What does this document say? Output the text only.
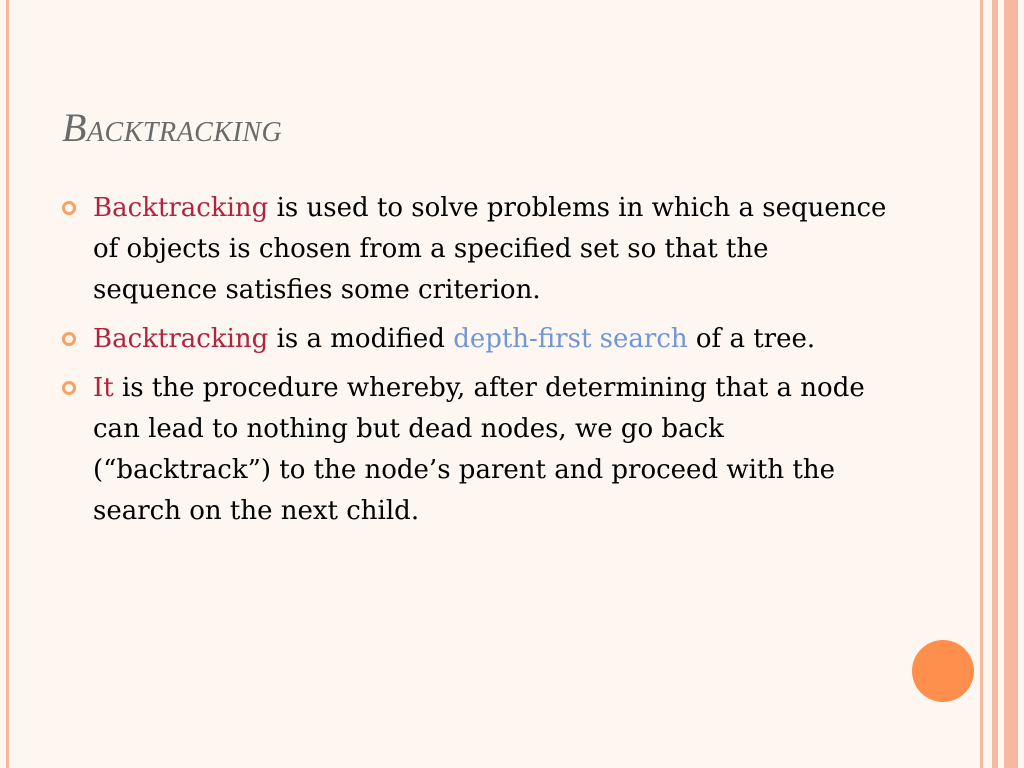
Backtracking
Backtracking is used to solve problems in which a sequence of objects is chosen from a specified set so that the sequence satisfies some criterion.
Backtracking is a modified depth-first search of a tree.
It is the procedure whereby, after determining that a node can lead to nothing but dead nodes, we go back (“backtrack”) to the node’s parent and proceed with the search on the next child.
